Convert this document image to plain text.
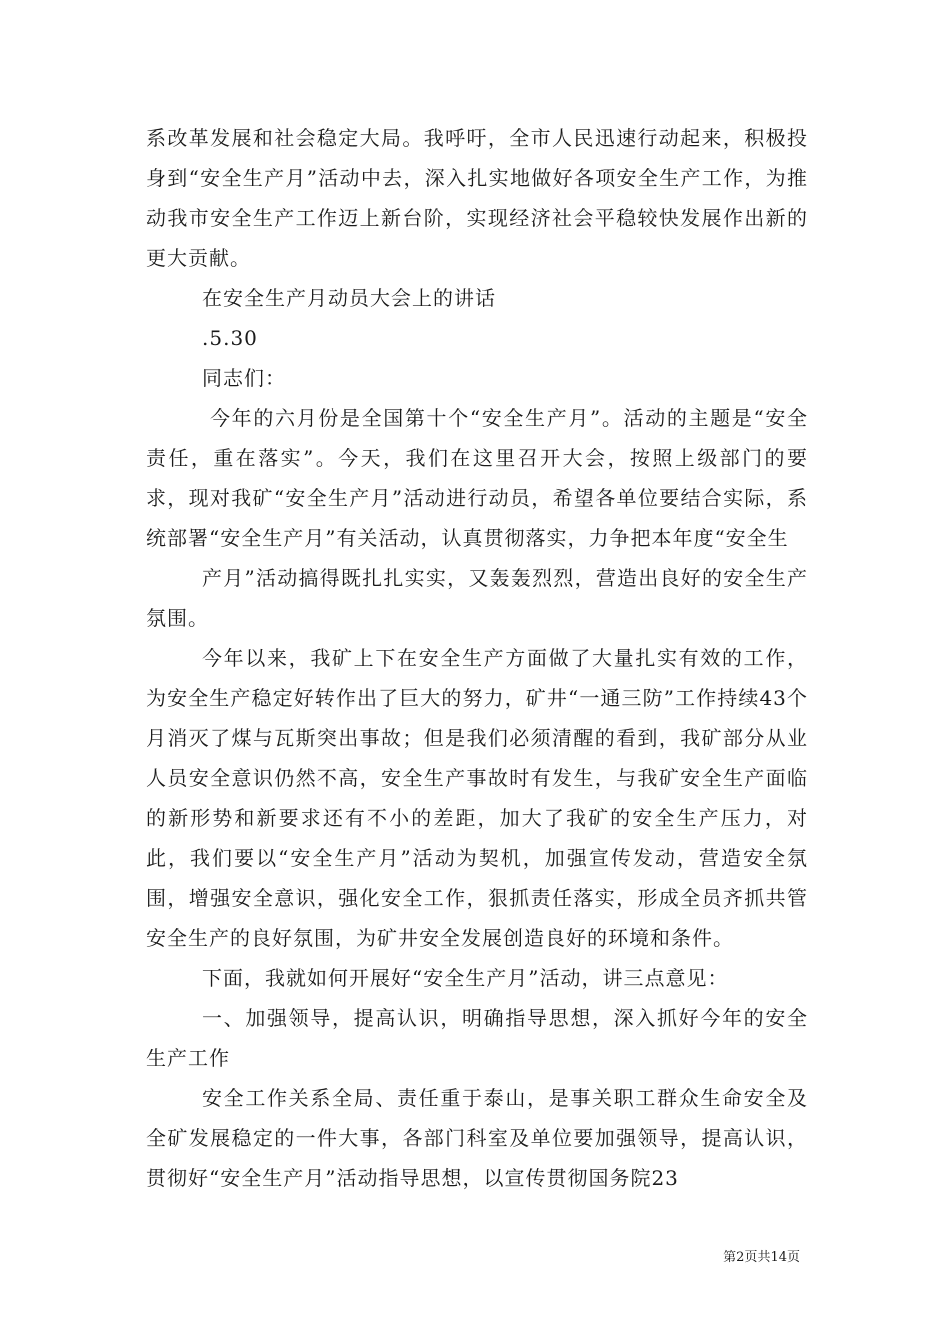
系改革发展和社会稳定大局。我呼吁，全市人民迅速行动起来，积极投身到“安全生产月”活动中去，深入扎实地做好各项安全生产工作，为推动我市安全生产工作迈上新台阶，实现经济社会平稳较快发展作出新的更大贡献。

在安全生产月动员大会上的讲话

.5.30

同志们：

今年的六月份是全国第十个“安全生产月”。活动的主题是“安全责任，重在落实”。今天，我们在这里召开大会，按照上级部门的要求，现对我矿“安全生产月”活动进行动员，希望各单位要结合实际，系统部署“安全生产月”有关活动，认真贯彻落实，力争把本年度“安全生

产月”活动搞得既扎扎实实，又轰轰烈烈，营造出良好的安全生产氛围。

今年以来，我矿上下在安全生产方面做了大量扎实有效的工作，为安全生产稳定好转作出了巨大的努力，矿井“一通三防”工作持续43个月消灭了煤与瓦斯突出事故；但是我们必须清醒的看到，我矿部分从业人员安全意识仍然不高，安全生产事故时有发生，与我矿安全生产面临的新形势和新要求还有不小的差距，加大了我矿的安全生产压力，对此，我们要以“安全生产月”活动为契机，加强宣传发动，营造安全氛围，增强安全意识，强化安全工作，狠抓责任落实，形成全员齐抓共管安全生产的良好氛围，为矿井安全发展创造良好的环境和条件。

下面，我就如何开展好“安全生产月”活动，讲三点意见：

一、加强领导，提高认识，明确指导思想，深入抓好今年的安全生产工作

安全工作关系全局、责任重于泰山，是事关职工群众生命安全及全矿发展稳定的一件大事，各部门科室及单位要加强领导，提高认识，贯彻好“安全生产月”活动指导思想，以宣传贯彻国务院23

第2页共14页
